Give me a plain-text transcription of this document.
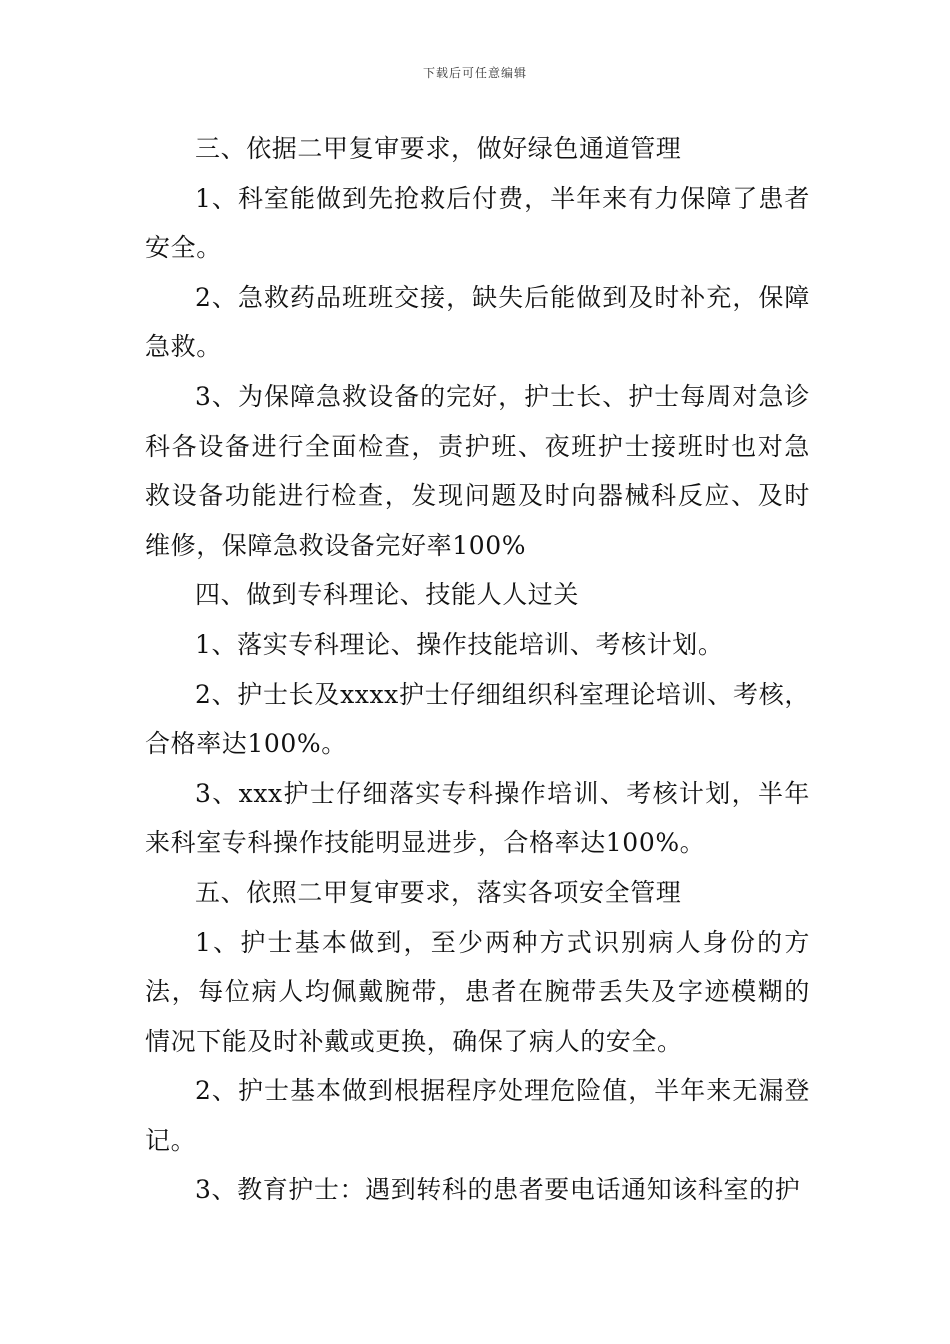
下载后可任意编辑

三、依据二甲复审要求，做好绿色通道管理

1、科室能做到先抢救后付费，半年来有力保障了患者安全。

2、急救药品班班交接，缺失后能做到及时补充，保障急救。

3、为保障急救设备的完好，护士长、护士每周对急诊科各设备进行全面检查，责护班、夜班护士接班时也对急救设备功能进行检查，发现问题及时向器械科反应、及时维修，保障急救设备完好率100%

四、做到专科理论、技能人人过关

1、落实专科理论、操作技能培训、考核计划。

2、护士长及xxxx护士仔细组织科室理论培训、考核，合格率达100%。

3、xxx护士仔细落实专科操作培训、考核计划，半年来科室专科操作技能明显进步，合格率达100%。

五、依照二甲复审要求，落实各项安全管理

1、护士基本做到，至少两种方式识别病人身份的方法，每位病人均佩戴腕带，患者在腕带丢失及字迹模糊的情况下能及时补戴或更换，确保了病人的安全。

2、护士基本做到根据程序处理危险值，半年来无漏登记。

3、教育护士：遇到转科的患者要电话通知该科室的护
